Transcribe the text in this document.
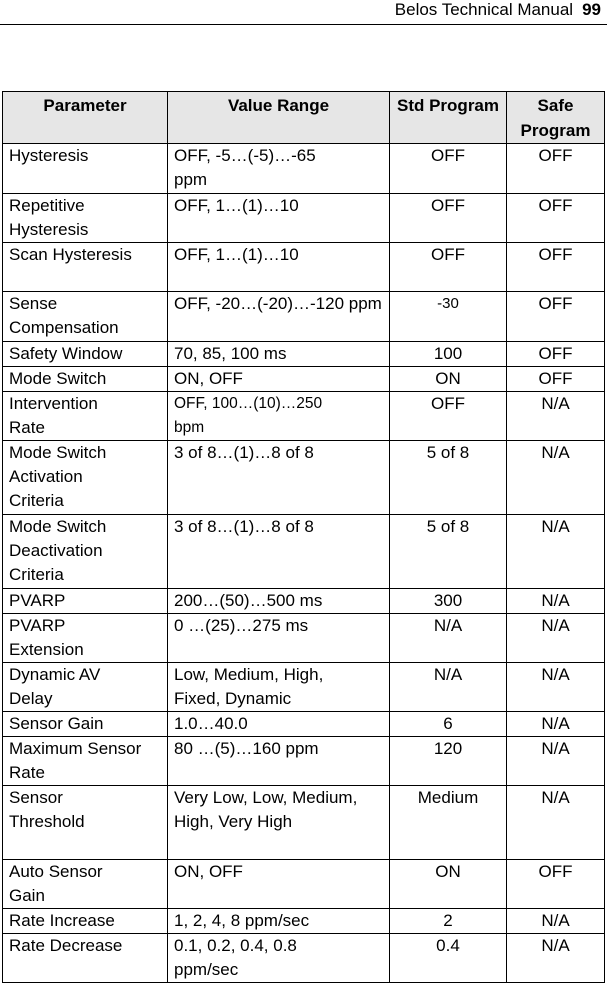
Belos Technical Manual 99
Parameter	Value Range	Std Program	Safe Program
Hysteresis	OFF, -5…(-5)…-65 ppm	OFF	OFF
Repetitive Hysteresis	OFF, 1…(1)…10	OFF	OFF
Scan Hysteresis	OFF, 1…(1)…10	OFF	OFF
Sense Compensation	OFF, -20…(-20)…-120 ppm	-30	OFF
Safety Window	70, 85, 100 ms	100	OFF
Mode Switch	ON, OFF	ON	OFF
Intervention Rate	OFF, 100…(10)…250 bpm	OFF	N/A
Mode Switch Activation Criteria	3 of 8…(1)…8 of 8	5 of 8	N/A
Mode Switch Deactivation Criteria	3 of 8…(1)…8 of 8	5 of 8	N/A
PVARP	200…(50)…500 ms	300	N/A
PVARP Extension	0 …(25)…275 ms	N/A	N/A
Dynamic AV Delay	Low, Medium, High, Fixed, Dynamic	N/A	N/A
Sensor Gain	1.0…40.0	6	N/A
Maximum Sensor Rate	80 …(5)…160 ppm	120	N/A
Sensor Threshold	Very Low, Low, Medium, High, Very High	Medium	N/A
Auto Sensor Gain	ON, OFF	ON	OFF
Rate Increase	1, 2, 4, 8 ppm/sec	2	N/A
Rate Decrease	0.1, 0.2, 0.4, 0.8 ppm/sec	0.4	N/A
